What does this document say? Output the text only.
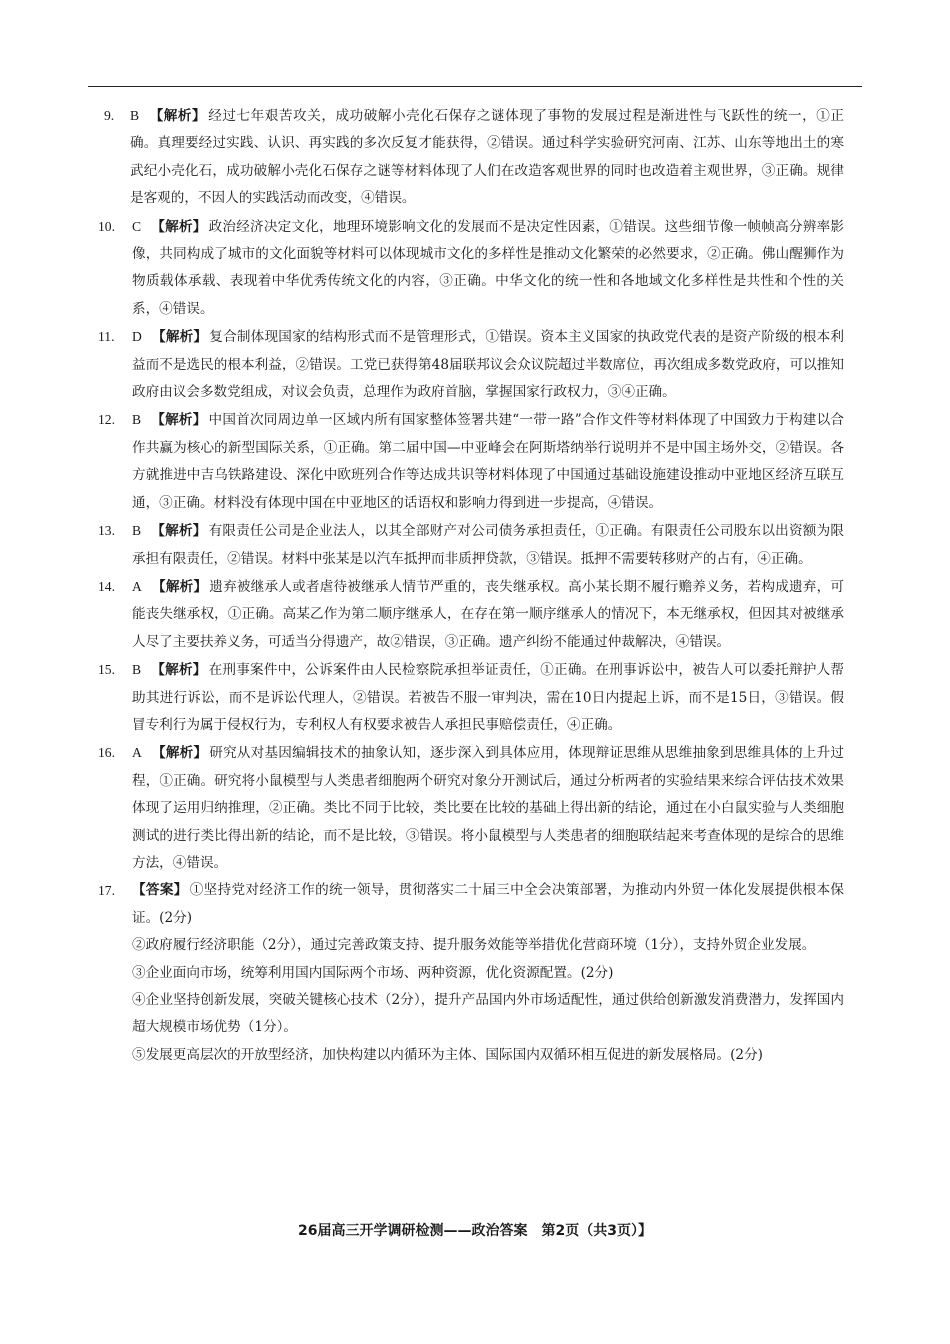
9. B 【解析】 经过七年艰苦攻关，成功破解小壳化石保存之谜体现了事物的发展过程是渐进性与飞跃性的统一，①正确。真理要经过实践、认识、再实践的多次反复才能获得，②错误。通过科学实验研究河南、江苏、山东等地出土的寒武纪小壳化石，成功破解小壳化石保存之谜等材料体现了人们在改造客观世界的同时也改造着主观世界，③正确。规律是客观的，不因人的实践活动而改变，④错误。

10. C 【解析】 政治经济决定文化，地理环境影响文化的发展而不是决定性因素，①错误。这些细节像一帧帧高分辨率影像，共同构成了城市的文化面貌等材料可以体现城市文化的多样性是推动文化繁荣的必然要求，②正确。佛山醒狮作为物质载体承载、表现着中华优秀传统文化的内容，③正确。中华文化的统一性和各地域文化多样性是共性和个性的关系，④错误。

11. D 【解析】 复合制体现国家的结构形式而不是管理形式，①错误。资本主义国家的执政党代表的是资产阶级的根本利益而不是选民的根本利益，②错误。工党已获得第48届联邦议会众议院超过半数席位，再次组成多数党政府，可以推知政府由议会多数党组成，对议会负责，总理作为政府首脑，掌握国家行政权力，③④正确。

12. B 【解析】 中国首次同周边单一区域内所有国家整体签署共建“一带一路”合作文件等材料体现了中国致力于构建以合作共赢为核心的新型国际关系，①正确。第二届中国—中亚峰会在阿斯塔纳举行说明并不是中国主场外交，②错误。各方就推进中吉乌铁路建设、深化中欧班列合作等达成共识等材料体现了中国通过基础设施建设推动中亚地区经济互联互通，③正确。材料没有体现中国在中亚地区的话语权和影响力得到进一步提高，④错误。

13. B 【解析】 有限责任公司是企业法人，以其全部财产对公司债务承担责任，①正确。有限责任公司股东以出资额为限承担有限责任，②错误。材料中张某是以汽车抵押而非质押贷款，③错误。抵押不需要转移财产的占有，④正确。

14. A 【解析】 遗弃被继承人或者虐待被继承人情节严重的，丧失继承权。高小某长期不履行赡养义务，若构成遗弃，可能丧失继承权，①正确。高某乙作为第二顺序继承人，在存在第一顺序继承人的情况下，本无继承权，但因其对被继承人尽了主要扶养义务，可适当分得遗产，故②错误，③正确。遗产纠纷不能通过仲裁解决，④错误。

15. B 【解析】 在刑事案件中，公诉案件由人民检察院承担举证责任，①正确。在刑事诉讼中，被告人可以委托辩护人帮助其进行诉讼，而不是诉讼代理人，②错误。若被告不服一审判决，需在10日内提起上诉，而不是15日，③错误。假冒专利行为属于侵权行为，专利权人有权要求被告人承担民事赔偿责任，④正确。

16. A 【解析】 研究从对基因编辑技术的抽象认知，逐步深入到具体应用，体现辩证思维从思维抽象到思维具体的上升过程，①正确。研究将小鼠模型与人类患者细胞两个研究对象分开测试后，通过分析两者的实验结果来综合评估技术效果体现了运用归纳推理，②正确。类比不同于比较，类比要在比较的基础上得出新的结论，通过在小白鼠实验与人类细胞测试的进行类比得出新的结论，而不是比较，③错误。将小鼠模型与人类患者的细胞联结起来考查体现的是综合的思维方法，④错误。

17. 【答案】 ①坚持党对经济工作的统一领导，贯彻落实二十届三中全会决策部署，为推动内外贸一体化发展提供根本保证。(2分)
②政府履行经济职能（2分），通过完善政策支持、提升服务效能等举措优化营商环境（1分），支持外贸企业发展。
③企业面向市场，统筹利用国内国际两个市场、两种资源，优化资源配置。(2分)
④企业坚持创新发展，突破关键核心技术（2分），提升产品国内外市场适配性，通过供给创新激发消费潜力，发挥国内超大规模市场优势（1分）。
⑤发展更高层次的开放型经济，加快构建以内循环为主体、国际国内双循环相互促进的新发展格局。(2分)
26届高三开学调研检测——政治答案　第2页（共3页）】
